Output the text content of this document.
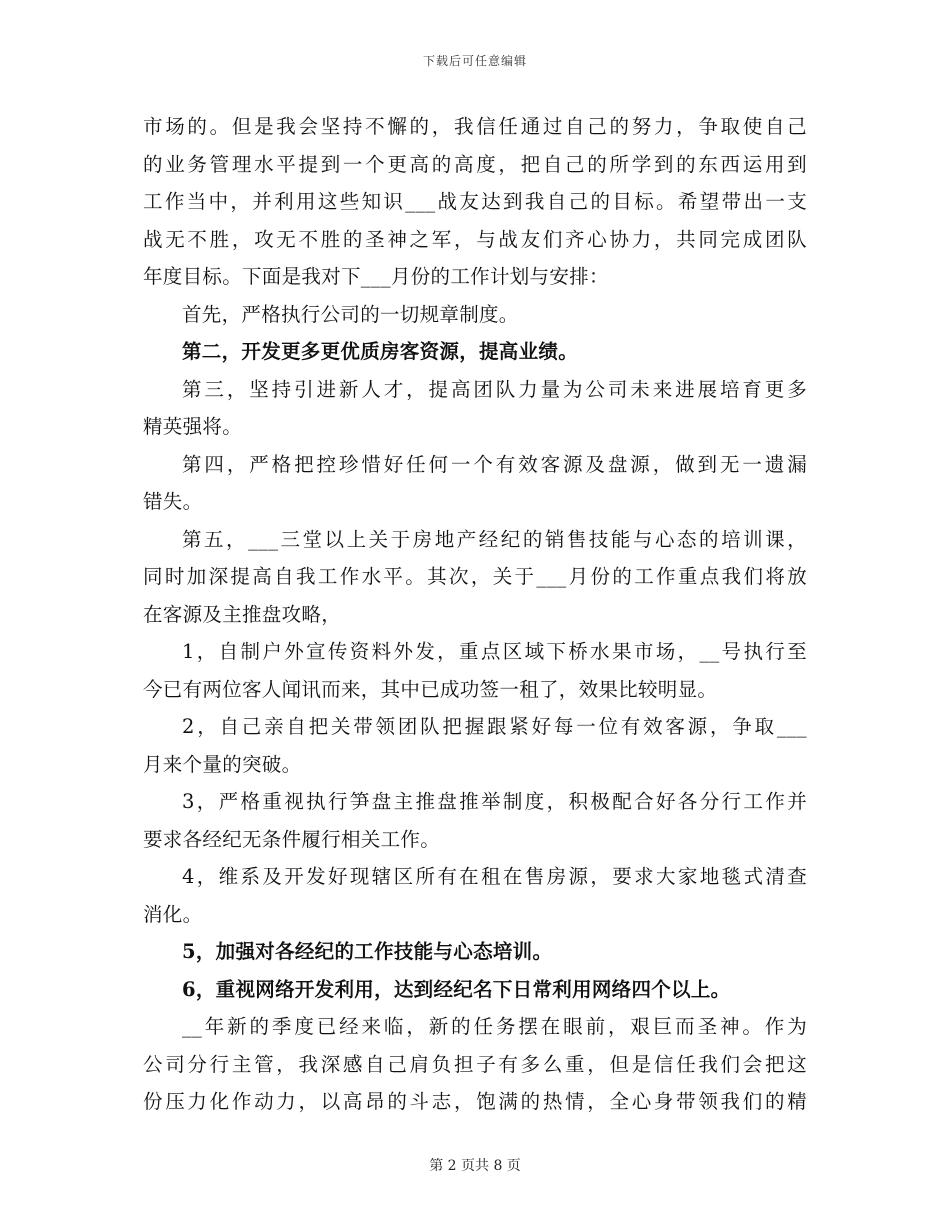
下载后可任意编辑
市场的。但是我会坚持不懈的，我信任通过自己的努力，争取使自己
的业务管理水平提到一个更高的高度，把自己的所学到的东西运用到
工作当中，并利用这些知识___战友达到我自己的目标。希望带出一支
战无不胜，攻无不胜的圣神之军，与战友们齐心协力，共同完成团队
年度目标。下面是我对下___月份的工作计划与安排：
首先，严格执行公司的一切规章制度。
第二，开发更多更优质房客资源，提高业绩。
第三，坚持引进新人才，提高团队力量为公司未来进展培育更多
精英强将。
第四，严格把控珍惜好任何一个有效客源及盘源，做到无一遗漏
错失。
第五，___三堂以上关于房地产经纪的销售技能与心态的培训课，
同时加深提高自我工作水平。其次，关于___月份的工作重点我们将放
在客源及主推盘攻略，
1，自制户外宣传资料外发，重点区域下桥水果市场，__号执行至
今已有两位客人闻讯而来，其中已成功签一租了，效果比较明显。
2，自己亲自把关带领团队把握跟紧好每一位有效客源，争取___
月来个量的突破。
3，严格重视执行笋盘主推盘推举制度，积极配合好各分行工作并
要求各经纪无条件履行相关工作。
4，维系及开发好现辖区所有在租在售房源，要求大家地毯式清查
消化。
5，加强对各经纪的工作技能与心态培训。
6，重视网络开发利用，达到经纪名下日常利用网络四个以上。
__年新的季度已经来临，新的任务摆在眼前，艰巨而圣神。作为
公司分行主管，我深感自己肩负担子有多么重，但是信任我们会把这
份压力化作动力，以高昂的斗志，饱满的热情，全心身带领我们的精
第 2 页共 8 页
